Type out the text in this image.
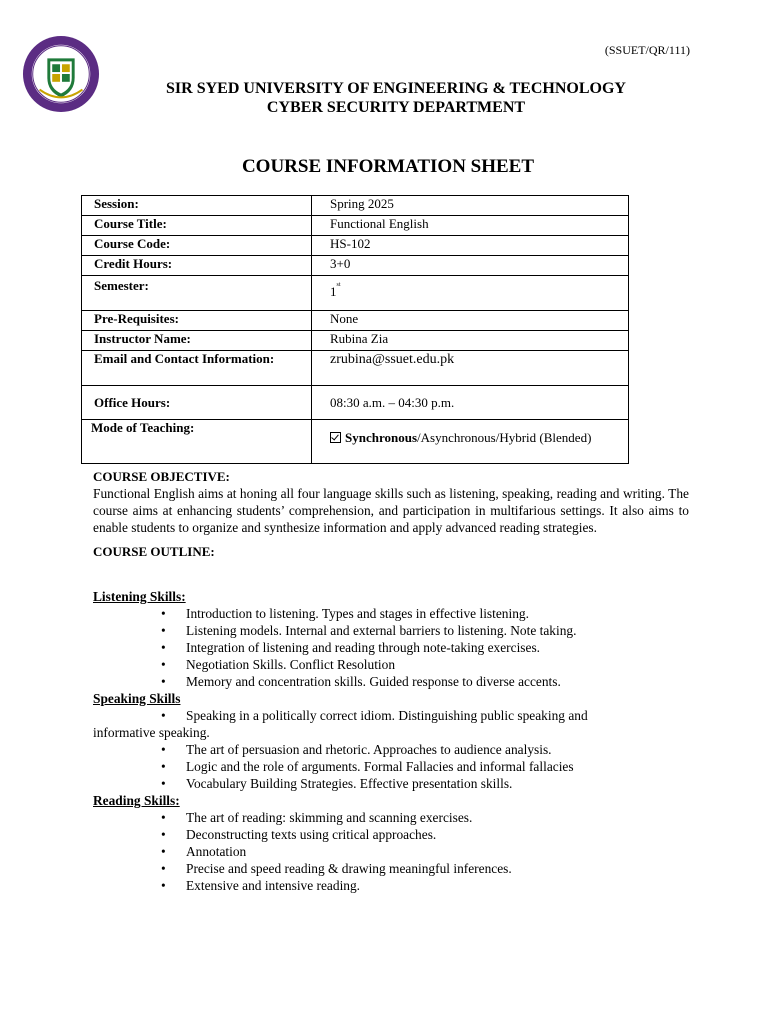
(SSUET/QR/111)
SIR SYED UNIVERSITY OF ENGINEERING & TECHNOLOGY
CYBER SECURITY DEPARTMENT
COURSE INFORMATION SHEET
Session:	Spring 2025
Course Title:	Functional English
Course Code:	HS-102
Credit Hours:	3+0
Semester:	1st
Pre-Requisites:	None
Instructor Name:	Rubina Zia
Email and Contact Information:	zrubina@ssuet.edu.pk
Office Hours:	08:30 a.m. – 04:30 p.m.
Mode of Teaching:	Synchronous/Asynchronous/Hybrid (Blended)
COURSE OBJECTIVE:

Functional English aims at honing all four language skills such as listening, speaking, reading and writing. The course aims at enhancing students’ comprehension, and participation in multifarious settings. It also aims to enable students to organize and synthesize information and apply advanced reading strategies.

COURSE OUTLINE:
Listening Skills:
• Introduction to listening. Types and stages in effective listening.
• Listening models. Internal and external barriers to listening. Note taking.
• Integration of listening and reading through note-taking exercises.
• Negotiation Skills. Conflict Resolution
• Memory and concentration skills. Guided response to diverse accents.
Speaking Skills
• Speaking in a politically correct idiom. Distinguishing public speaking and informative speaking.
• The art of persuasion and rhetoric. Approaches to audience analysis.
• Logic and the role of arguments. Formal Fallacies and informal fallacies
• Vocabulary Building Strategies. Effective presentation skills.
Reading Skills:
• The art of reading: skimming and scanning exercises.
• Deconstructing texts using critical approaches.
• Annotation
• Precise and speed reading & drawing meaningful inferences.
• Extensive and intensive reading.
